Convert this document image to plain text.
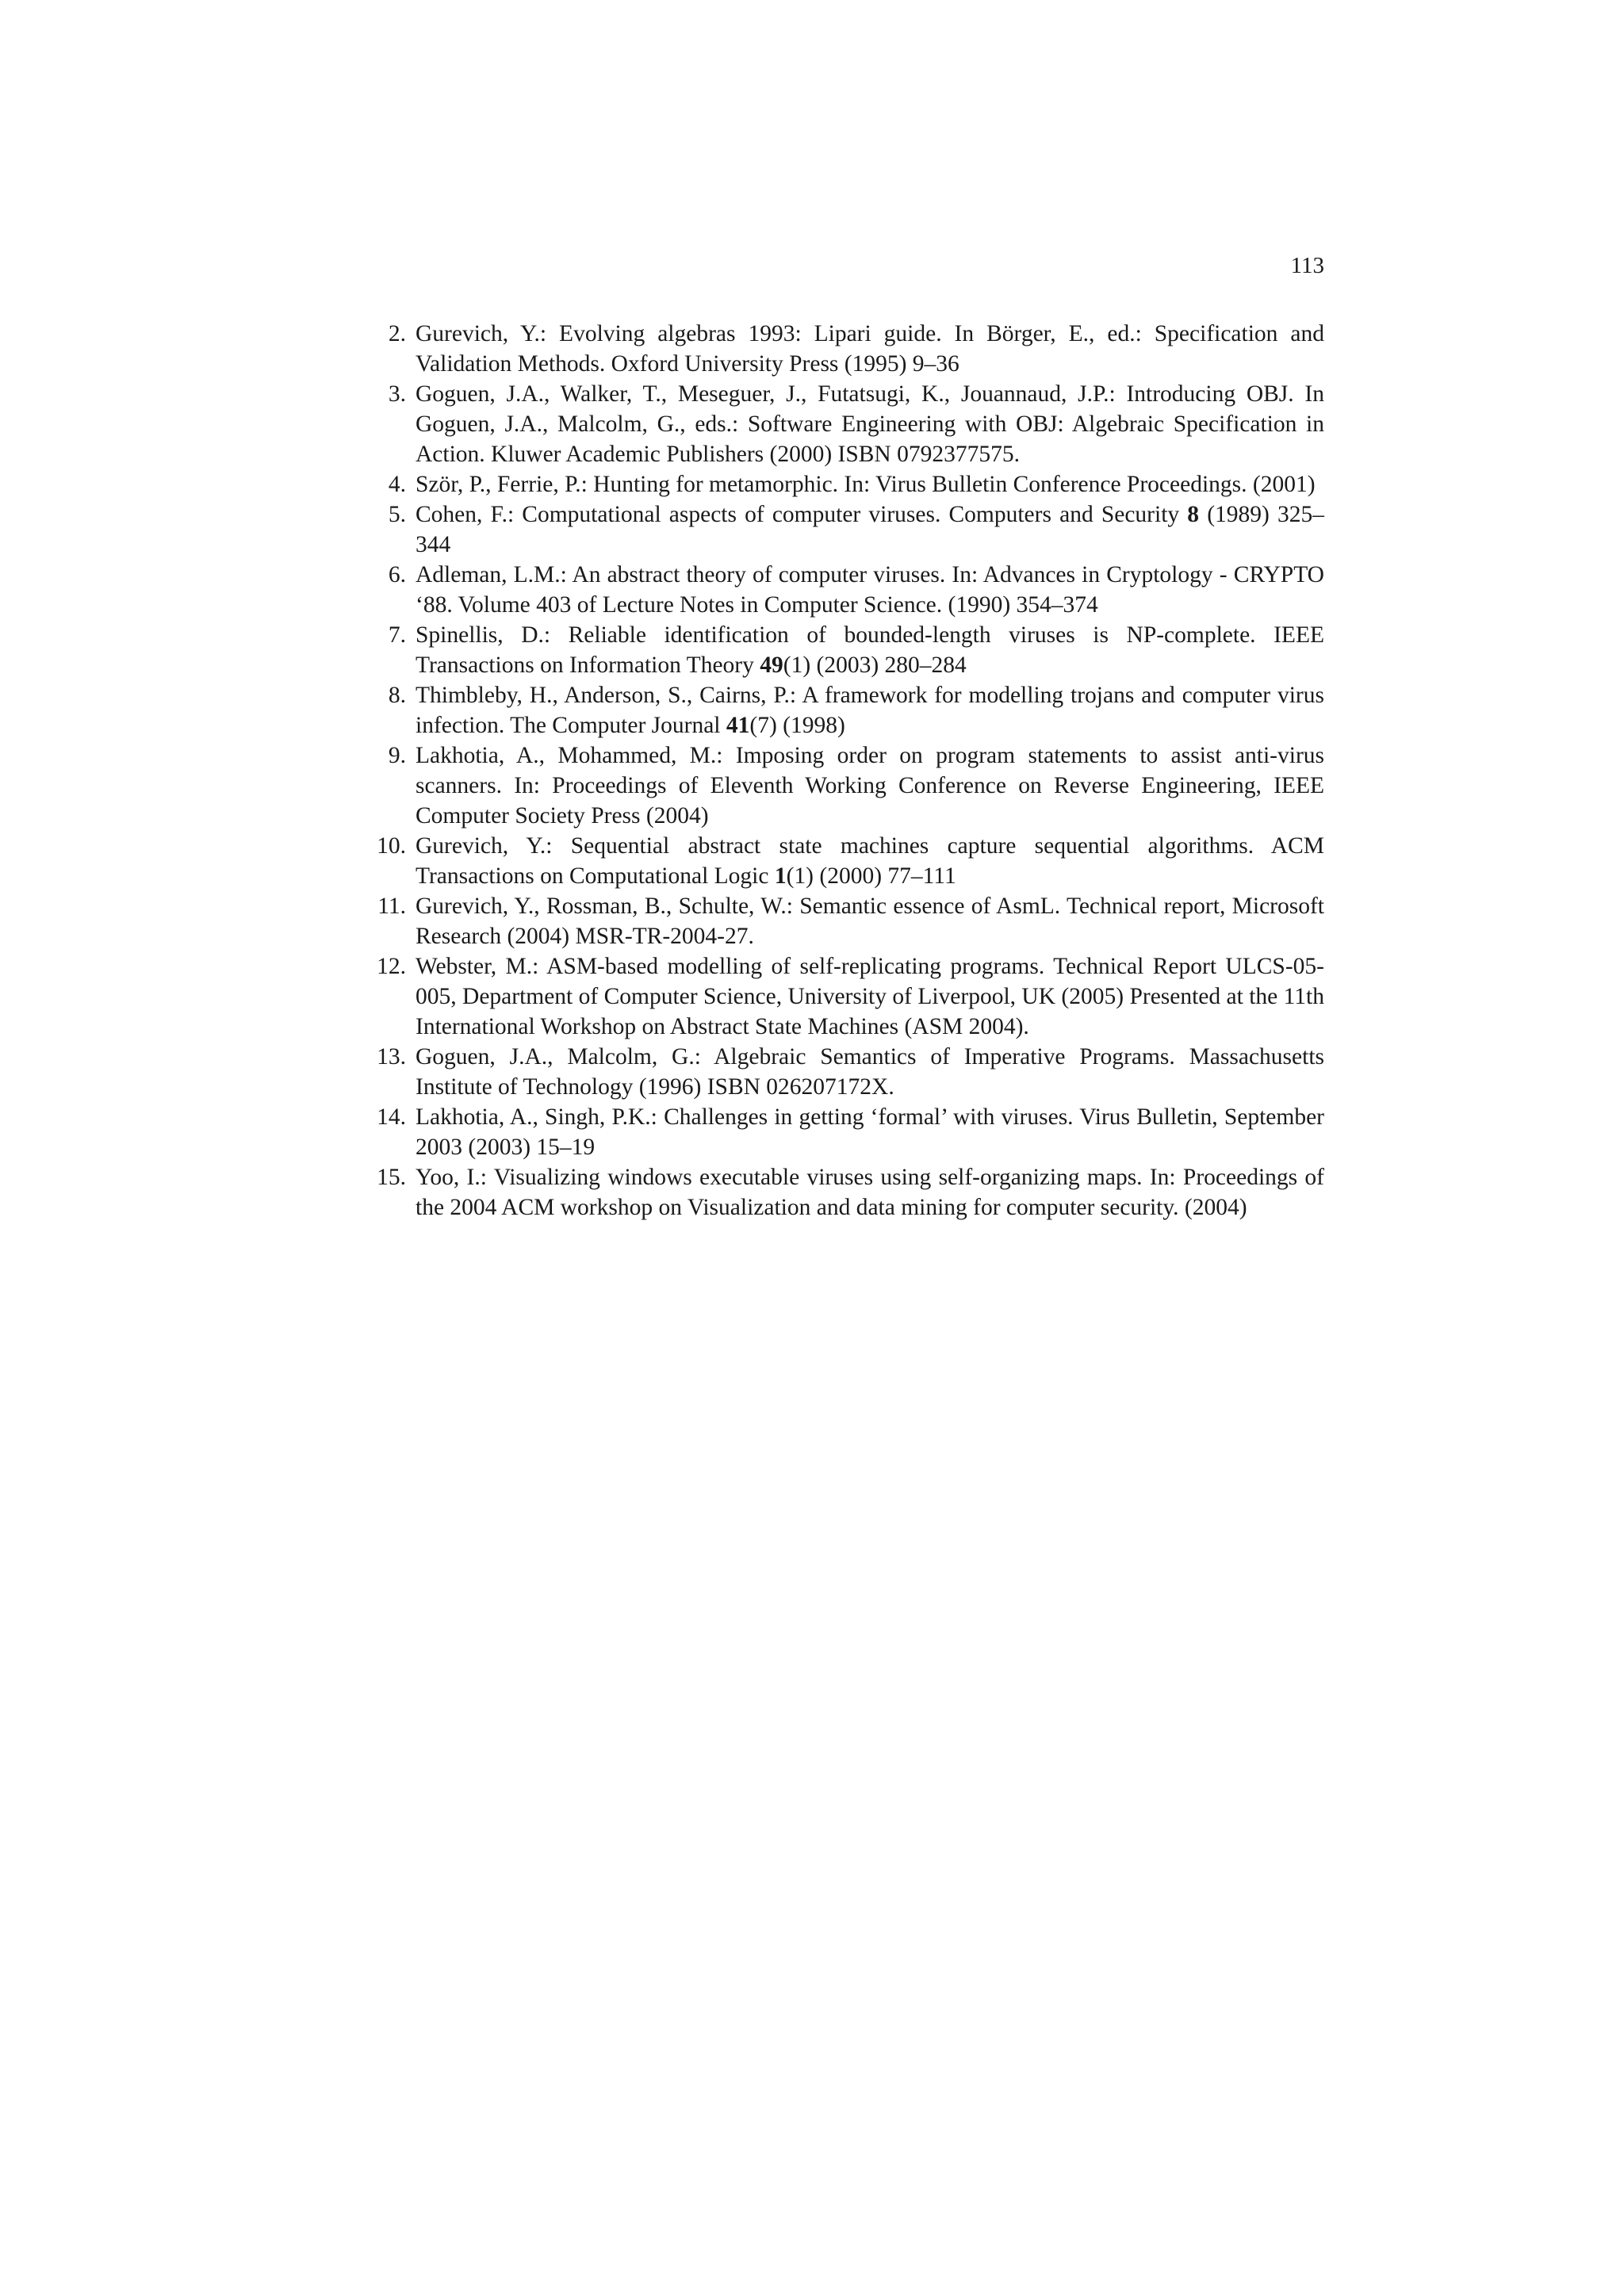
113
2. Gurevich, Y.: Evolving algebras 1993: Lipari guide. In Börger, E., ed.: Specification and Validation Methods. Oxford University Press (1995) 9–36
3. Goguen, J.A., Walker, T., Meseguer, J., Futatsugi, K., Jouannaud, J.P.: Introducing OBJ. In Goguen, J.A., Malcolm, G., eds.: Software Engineering with OBJ: Algebraic Specification in Action. Kluwer Academic Publishers (2000) ISBN 0792377575.
4. Ször, P., Ferrie, P.: Hunting for metamorphic. In: Virus Bulletin Conference Proceedings. (2001)
5. Cohen, F.: Computational aspects of computer viruses. Computers and Security 8 (1989) 325–344
6. Adleman, L.M.: An abstract theory of computer viruses. In: Advances in Cryptology - CRYPTO ‘88. Volume 403 of Lecture Notes in Computer Science. (1990) 354–374
7. Spinellis, D.: Reliable identification of bounded-length viruses is NP-complete. IEEE Transactions on Information Theory 49(1) (2003) 280–284
8. Thimbleby, H., Anderson, S., Cairns, P.: A framework for modelling trojans and computer virus infection. The Computer Journal 41(7) (1998)
9. Lakhotia, A., Mohammed, M.: Imposing order on program statements to assist anti-virus scanners. In: Proceedings of Eleventh Working Conference on Reverse Engineering, IEEE Computer Society Press (2004)
10. Gurevich, Y.: Sequential abstract state machines capture sequential algorithms. ACM Transactions on Computational Logic 1(1) (2000) 77–111
11. Gurevich, Y., Rossman, B., Schulte, W.: Semantic essence of AsmL. Technical report, Microsoft Research (2004) MSR-TR-2004-27.
12. Webster, M.: ASM-based modelling of self-replicating programs. Technical Report ULCS-05-005, Department of Computer Science, University of Liverpool, UK (2005) Presented at the 11th International Workshop on Abstract State Machines (ASM 2004).
13. Goguen, J.A., Malcolm, G.: Algebraic Semantics of Imperative Programs. Massachusetts Institute of Technology (1996) ISBN 026207172X.
14. Lakhotia, A., Singh, P.K.: Challenges in getting ‘formal’ with viruses. Virus Bulletin, September 2003 (2003) 15–19
15. Yoo, I.: Visualizing windows executable viruses using self-organizing maps. In: Proceedings of the 2004 ACM workshop on Visualization and data mining for computer security. (2004)
